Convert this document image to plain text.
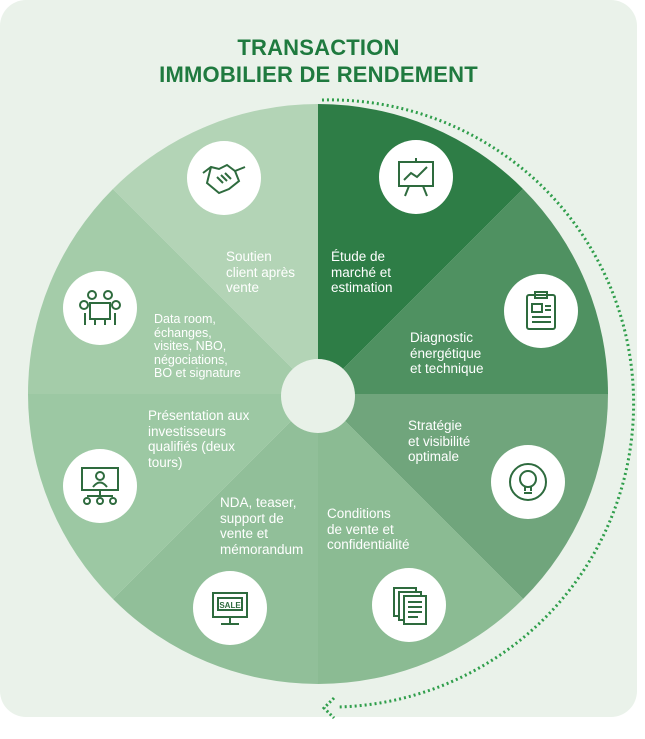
TRANSACTION
IMMOBILIER DE RENDEMENT
Étude de
marché et
estimation
Diagnostic
énergétique
et technique
Stratégie
et visibilité
optimale
Conditions
de vente et
confidentialité
NDA, teaser,
support de
vente et
mémorandum
Présentation aux
investisseurs
qualifiés (deux
tours)
Data room,
échanges,
visites, NBO,
négociations,
BO et signature
Soutien
client après
vente
SALE
